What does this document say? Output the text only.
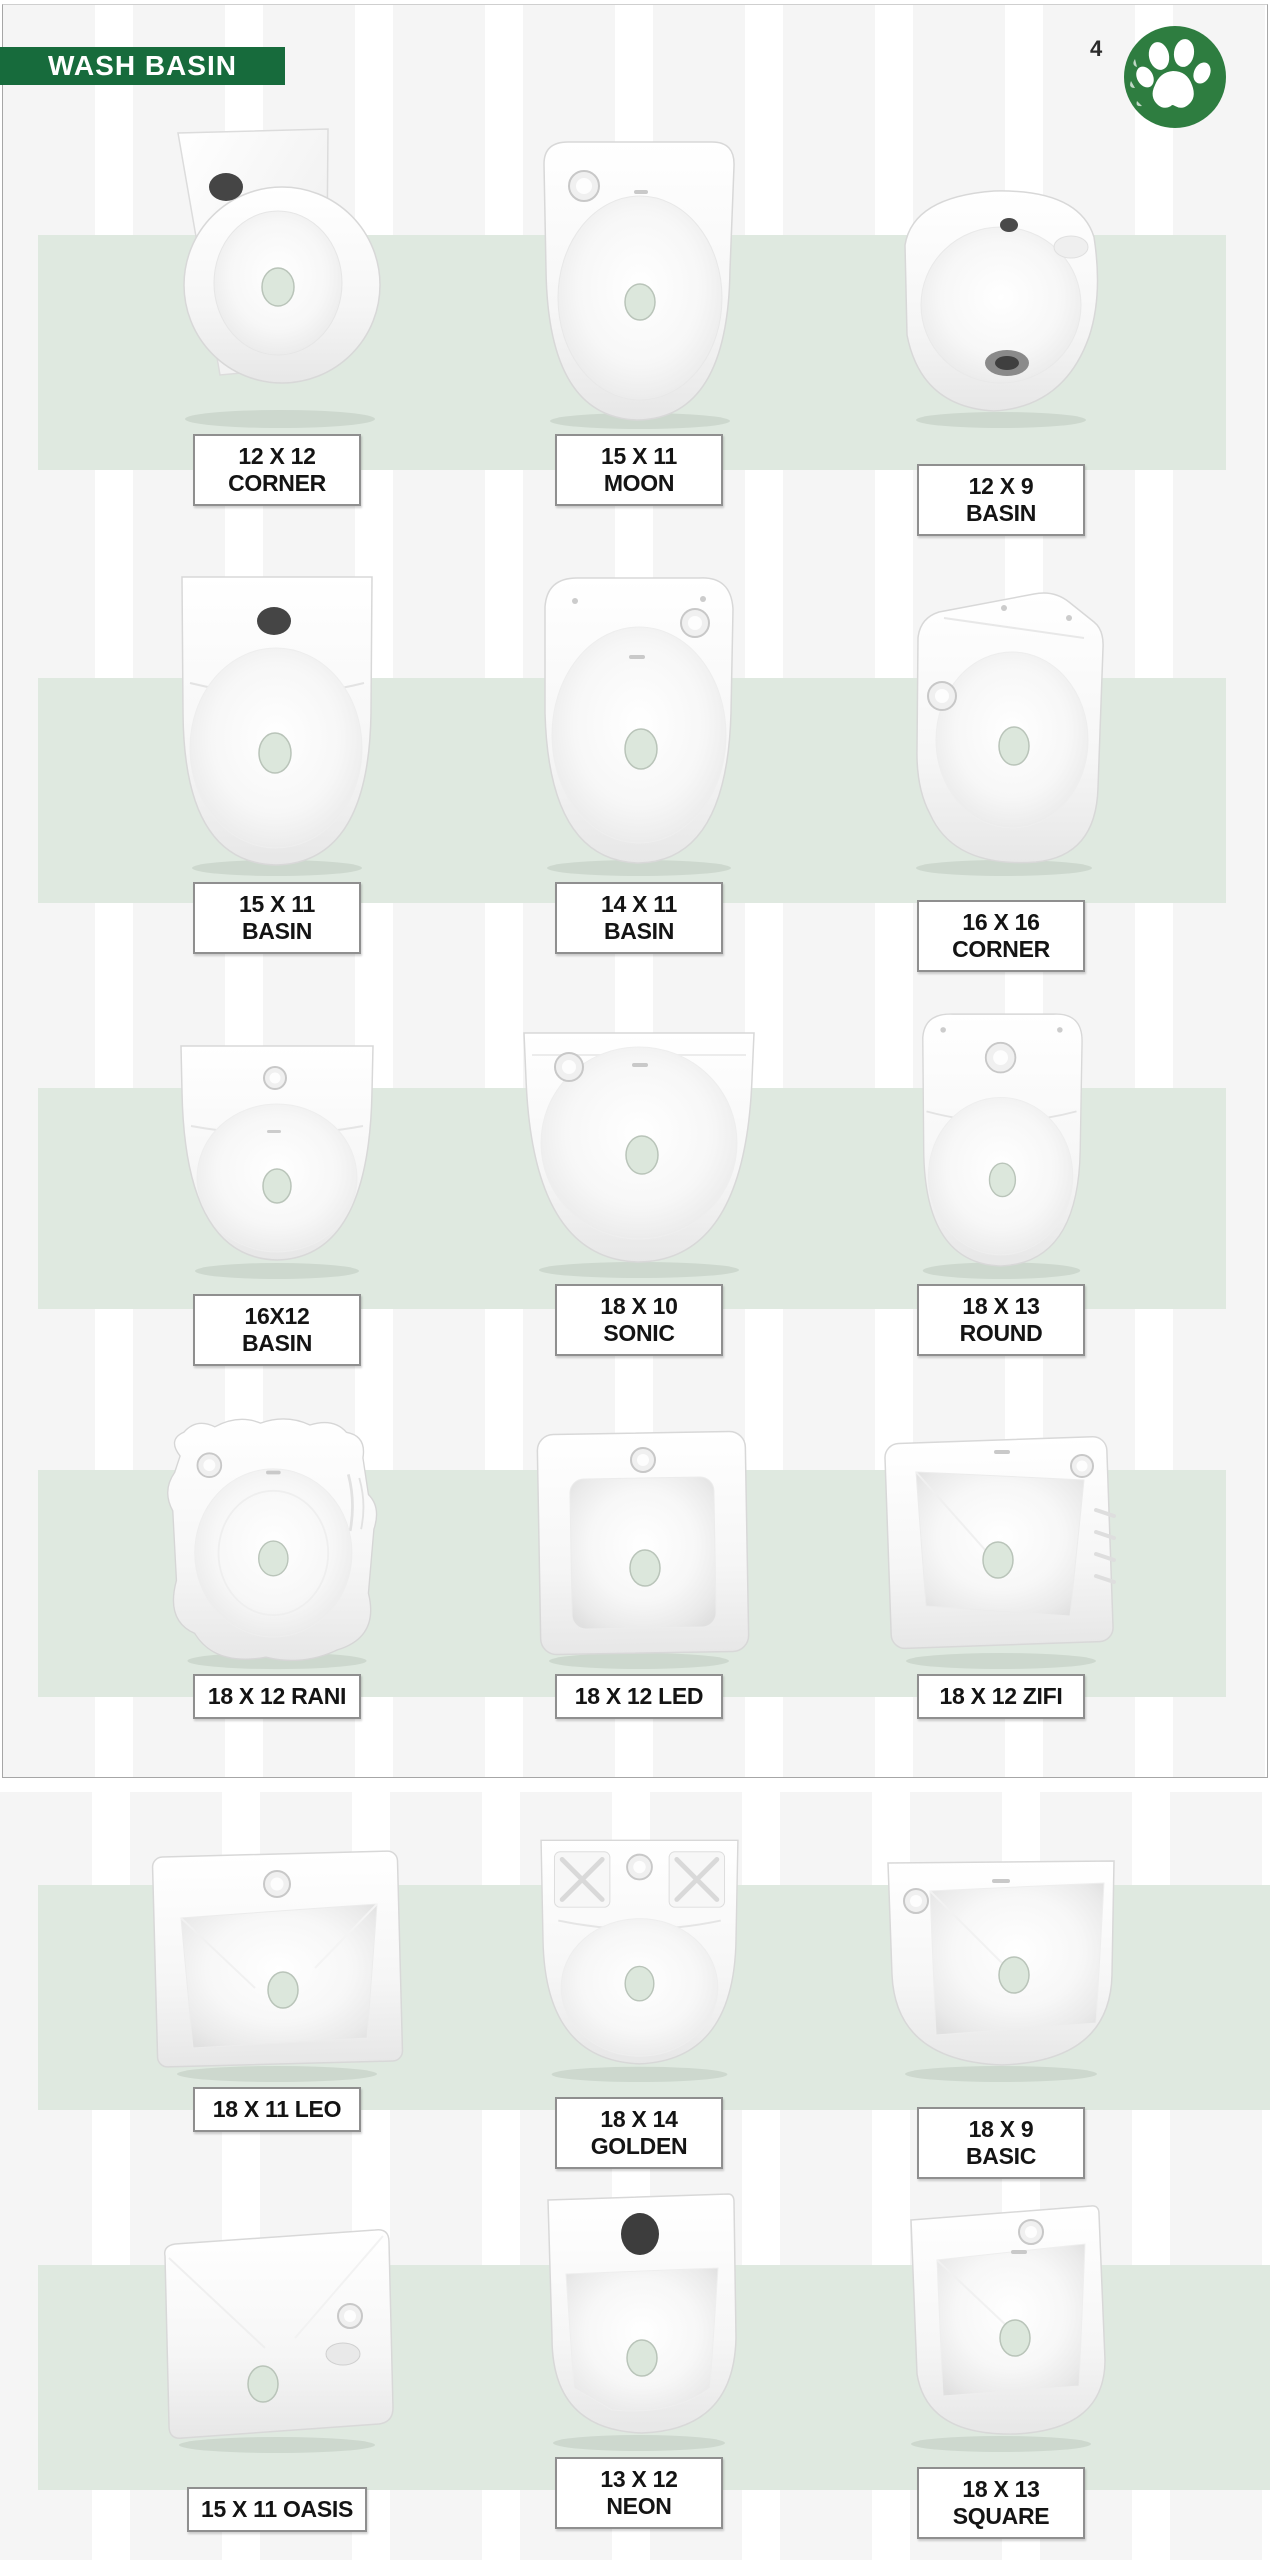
WASH BASIN
4
12 X 12
CORNER
15 X 11
MOON	12 X 9
BASIN
15 X 11
BASIN
14 X 11
BASIN	16 X 16
CORNER
16X12
BASIN
18 X 10
SONIC
18 X 13
ROUND
18 X 12 RANI	18 X 12 LED	18 X 12 ZIFI
18 X 11 LEO	18 X 14
GOLDEN
18 X 9
BASIC
15 X 11 OASIS
13 X 12
NEON
18 X 13
SQUARE
